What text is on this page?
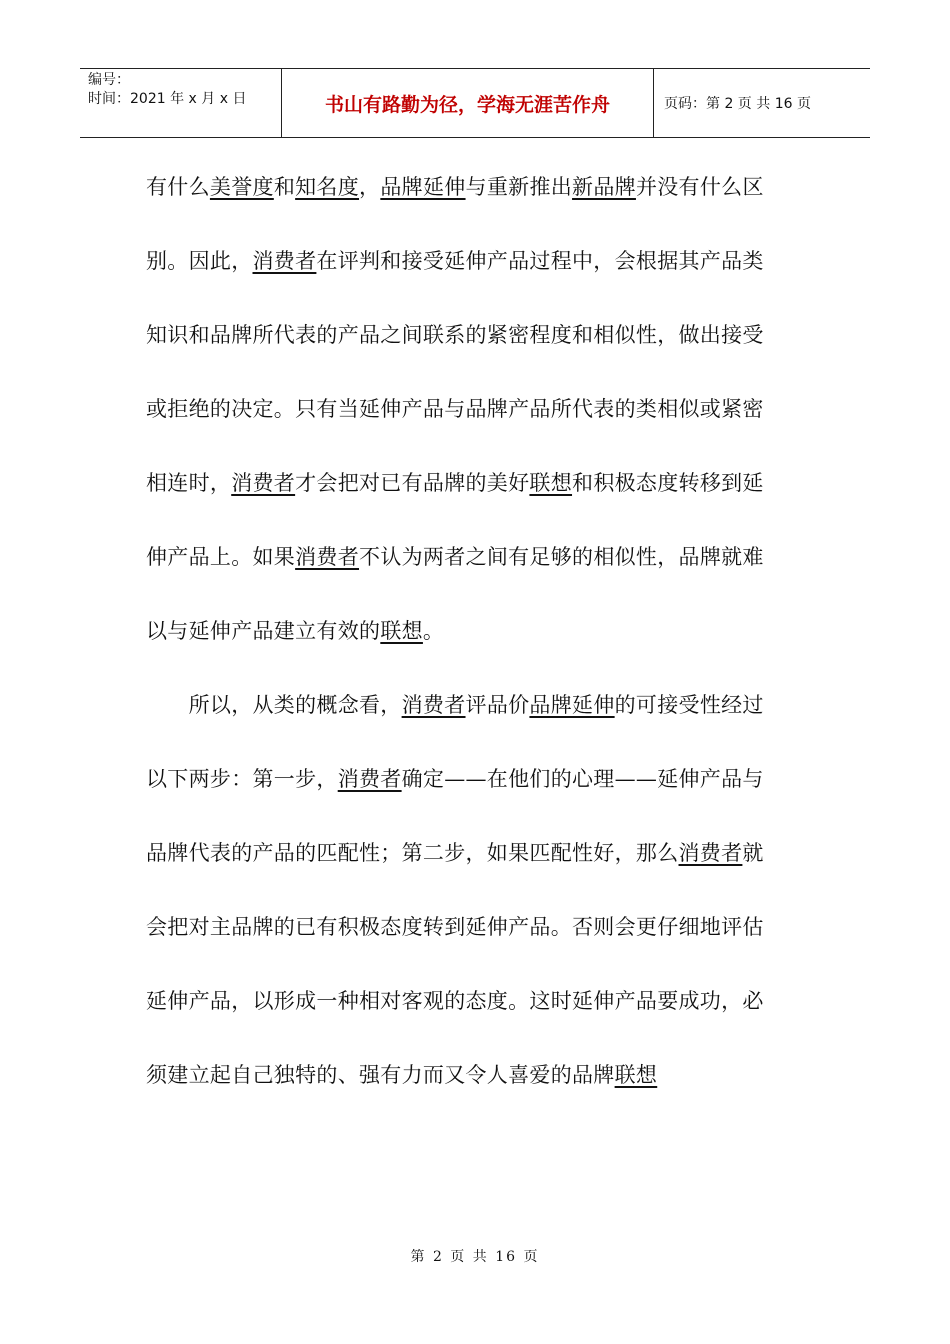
编号：
时间：2021 年 x 月 x 日	书山有路勤为径，学海无涯苦作舟	页码：第 2 页 共 16 页
有什么美誉度和知名度，品牌延伸与重新推出新品牌并没有什么区
别。因此，消费者在评判和接受延伸产品过程中，会根据其产品类
知识和品牌所代表的产品之间联系的紧密程度和相似性，做出接受
或拒绝的决定。只有当延伸产品与品牌产品所代表的类相似或紧密
相连时，消费者才会把对已有品牌的美好联想和积极态度转移到延
伸产品上。如果消费者不认为两者之间有足够的相似性，品牌就难
以与延伸产品建立有效的联想。
　　所以，从类的概念看，消费者评品价品牌延伸的可接受性经过
以下两步：第一步，消费者确定——在他们的心理——延伸产品与
品牌代表的产品的匹配性；第二步，如果匹配性好，那么消费者就
会把对主品牌的已有积极态度转到延伸产品。否则会更仔细地评估
延伸产品，以形成一种相对客观的态度。这时延伸产品要成功，必
须建立起自己独特的、强有力而又令人喜爱的品牌联想
第 2 页 共 16 页
